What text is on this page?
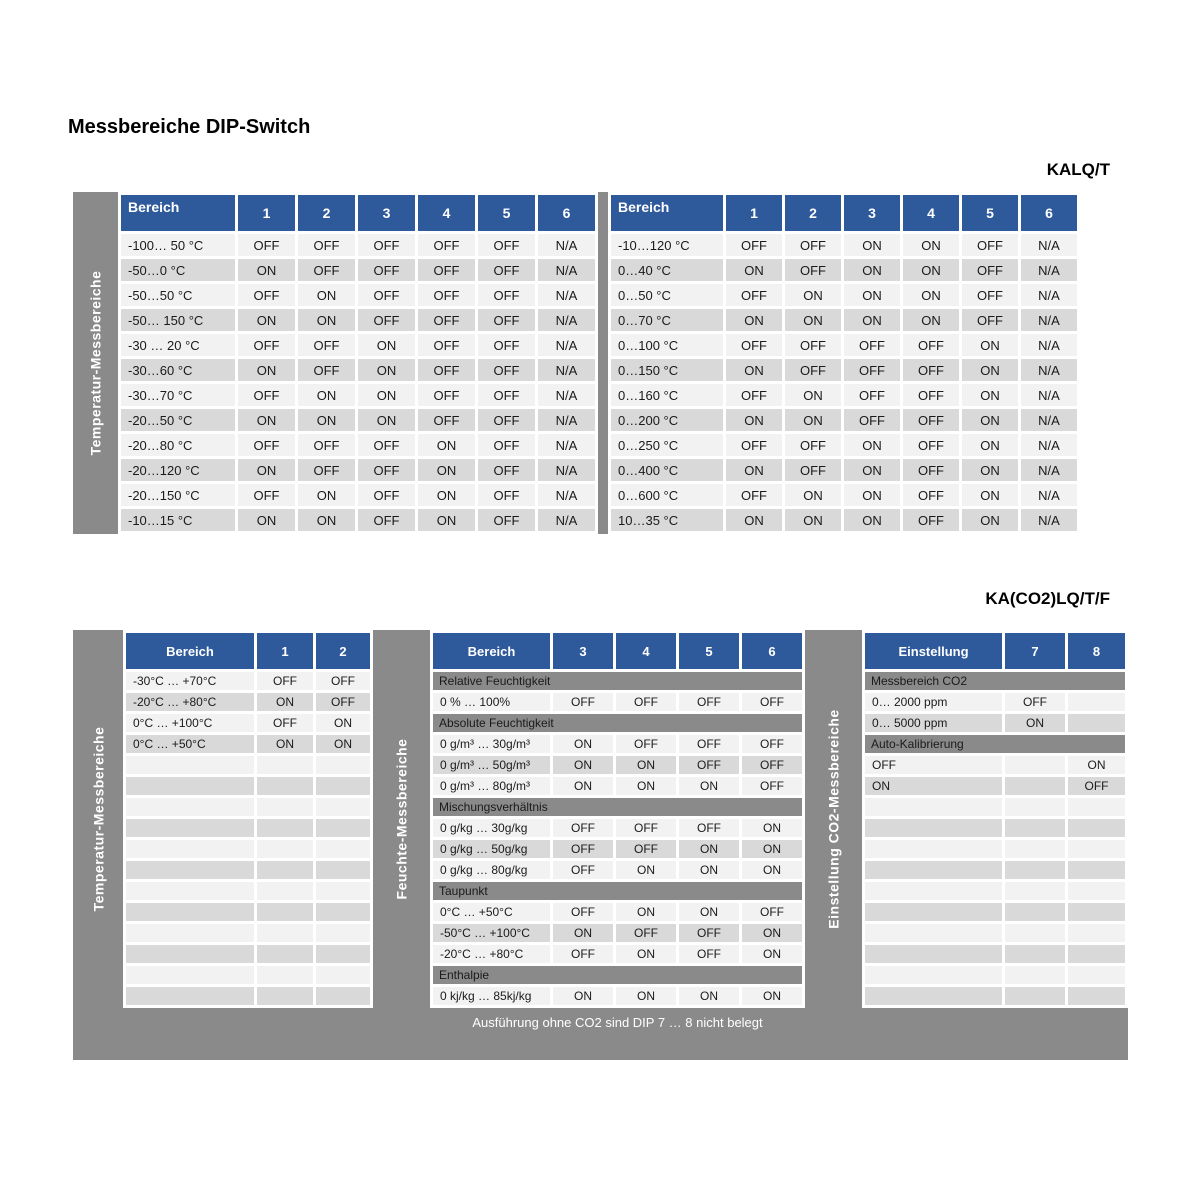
Messbereiche DIP-Switch
KALQ/T
Temperatur-Messbereiche
Bereich	1	2	3	4	5	6
-100… 50 °C	OFF	OFF	OFF	OFF	OFF	N/A
-50…0 °C	ON	OFF	OFF	OFF	OFF	N/A
-50…50 °C	OFF	ON	OFF	OFF	OFF	N/A
-50… 150 °C	ON	ON	OFF	OFF	OFF	N/A
-30 … 20 °C	OFF	OFF	ON	OFF	OFF	N/A
-30…60 °C	ON	OFF	ON	OFF	OFF	N/A
-30…70 °C	OFF	ON	ON	OFF	OFF	N/A
-20…50 °C	ON	ON	ON	OFF	OFF	N/A
-20…80 °C	OFF	OFF	OFF	ON	OFF	N/A
-20…120 °C	ON	OFF	OFF	ON	OFF	N/A
-20…150 °C	OFF	ON	OFF	ON	OFF	N/A
-10…15 °C	ON	ON	OFF	ON	OFF	N/A
Bereich	1	2	3	4	5	6
-10…120 °C	OFF	OFF	ON	ON	OFF	N/A
0…40 °C	ON	OFF	ON	ON	OFF	N/A
0…50 °C	OFF	ON	ON	ON	OFF	N/A
0…70 °C	ON	ON	ON	ON	OFF	N/A
0…100 °C	OFF	OFF	OFF	OFF	ON	N/A
0…150 °C	ON	OFF	OFF	OFF	ON	N/A
0…160 °C	OFF	ON	OFF	OFF	ON	N/A
0…200 °C	ON	ON	OFF	OFF	ON	N/A
0…250 °C	OFF	OFF	ON	OFF	ON	N/A
0…400 °C	ON	OFF	ON	OFF	ON	N/A
0…600 °C	OFF	ON	ON	OFF	ON	N/A
10…35 °C	ON	ON	ON	OFF	ON	N/A
KA(CO2)LQ/T/F
Temperatur-Messbereiche
Bereich	1	2
-30°C … +70°C	OFF	OFF
-20°C … +80°C	ON	OFF
0°C … +100°C	OFF	ON
0°C … +50°C	ON	ON

			Feuchte-Messbereiche
Bereich	3	4	5	6
Relative Feuchtigkeit				
0 % … 100%	OFF	OFF	OFF	OFF
Absolute Feuchtigkeit				
0 g/m³ … 30g/m³	ON	OFF	OFF	OFF
0 g/m³ … 50g/m³	ON	ON	OFF	OFF
0 g/m³ … 80g/m³	ON	ON	ON	OFF
Mischungsverhältnis				
0 g/kg … 30g/kg	OFF	OFF	OFF	ON
0 g/kg … 50g/kg	OFF	OFF	ON	ON
0 g/kg … 80g/kg	OFF	ON	ON	ON
Taupunkt				
0°C … +50°C	OFF	ON	ON	OFF
-50°C … +100°C	ON	OFF	OFF	ON
-20°C … +80°C	OFF	ON	OFF	ON
Enthalpie				
0 kj/kg … 85kj/kg	ON	ON	ON	ON
Einstellung CO2-Messbereiche
Einstellung	7	8
Messbereich CO2		
0… 2000 ppm	OFF	
0… 5000 ppm	ON	
Auto-Kalibrierung		
OFF		ON
ON		OFF

Ausführung ohne CO2 sind DIP 7 … 8 nicht belegt
